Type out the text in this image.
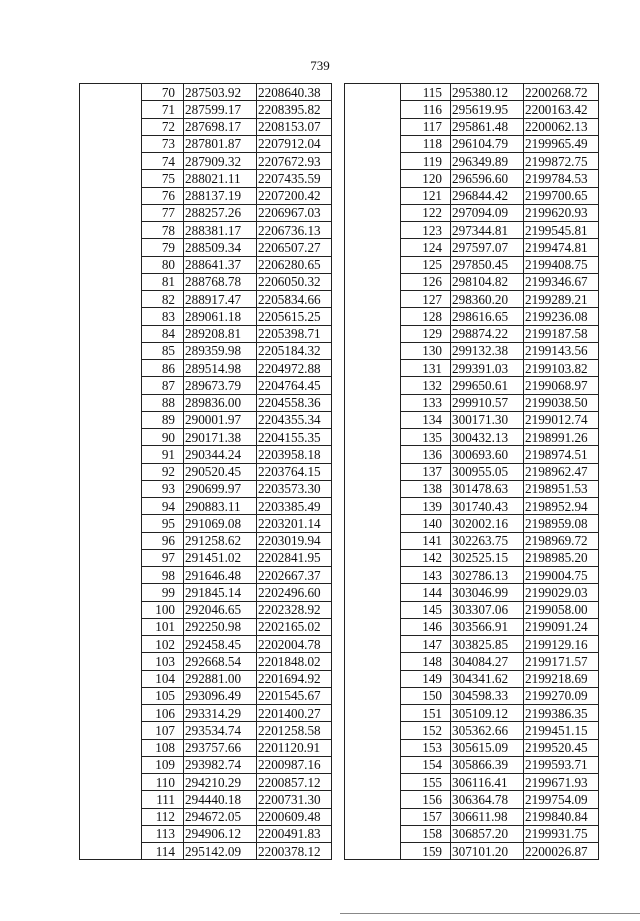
739
	70	287503.92	2208640.38
	71	287599.17	2208395.82
	72	287698.17	2208153.07
	73	287801.87	2207912.04
	74	287909.32	2207672.93
	75	288021.11	2207435.59
	76	288137.19	2207200.42
	77	288257.26	2206967.03
	78	288381.17	2206736.13
	79	288509.34	2206507.27
	80	288641.37	2206280.65
	81	288768.78	2206050.32
	82	288917.47	2205834.66
	83	289061.18	2205615.25
	84	289208.81	2205398.71
	85	289359.98	2205184.32
	86	289514.98	2204972.88
	87	289673.79	2204764.45
	88	289836.00	2204558.36
	89	290001.97	2204355.34
	90	290171.38	2204155.35
	91	290344.24	2203958.18
	92	290520.45	2203764.15
	93	290699.97	2203573.30
	94	290883.11	2203385.49
	95	291069.08	2203201.14
	96	291258.62	2203019.94
	97	291451.02	2202841.95
	98	291646.48	2202667.37
	99	291845.14	2202496.60
	100	292046.65	2202328.92
	101	292250.98	2202165.02
	102	292458.45	2202004.78
	103	292668.54	2201848.02
	104	292881.00	2201694.92
	105	293096.49	2201545.67
	106	293314.29	2201400.27
	107	293534.74	2201258.58
	108	293757.66	2201120.91
	109	293982.74	2200987.16
	110	294210.29	2200857.12
	111	294440.18	2200731.30
	112	294672.05	2200609.48
	113	294906.12	2200491.83
	114	295142.09	2200378.12
	115	295380.12	2200268.72
	116	295619.95	2200163.42
	117	295861.48	2200062.13
	118	296104.79	2199965.49
	119	296349.89	2199872.75
	120	296596.60	2199784.53
	121	296844.42	2199700.65
	122	297094.09	2199620.93
	123	297344.81	2199545.81
	124	297597.07	2199474.81
	125	297850.45	2199408.75
	126	298104.82	2199346.67
	127	298360.20	2199289.21
	128	298616.65	2199236.08
	129	298874.22	2199187.58
	130	299132.38	2199143.56
	131	299391.03	2199103.82
	132	299650.61	2199068.97
	133	299910.57	2199038.50
	134	300171.30	2199012.74
	135	300432.13	2198991.26
	136	300693.60	2198974.51
	137	300955.05	2198962.47
	138	301478.63	2198951.53
	139	301740.43	2198952.94
	140	302002.16	2198959.08
	141	302263.75	2198969.72
	142	302525.15	2198985.20
	143	302786.13	2199004.75
	144	303046.99	2199029.03
	145	303307.06	2199058.00
	146	303566.91	2199091.24
	147	303825.85	2199129.16
	148	304084.27	2199171.57
	149	304341.62	2199218.69
	150	304598.33	2199270.09
	151	305109.12	2199386.35
	152	305362.66	2199451.15
	153	305615.09	2199520.45
	154	305866.39	2199593.71
	155	306116.41	2199671.93
	156	306364.78	2199754.09
	157	306611.98	2199840.84
	158	306857.20	2199931.75
	159	307101.20	2200026.87
